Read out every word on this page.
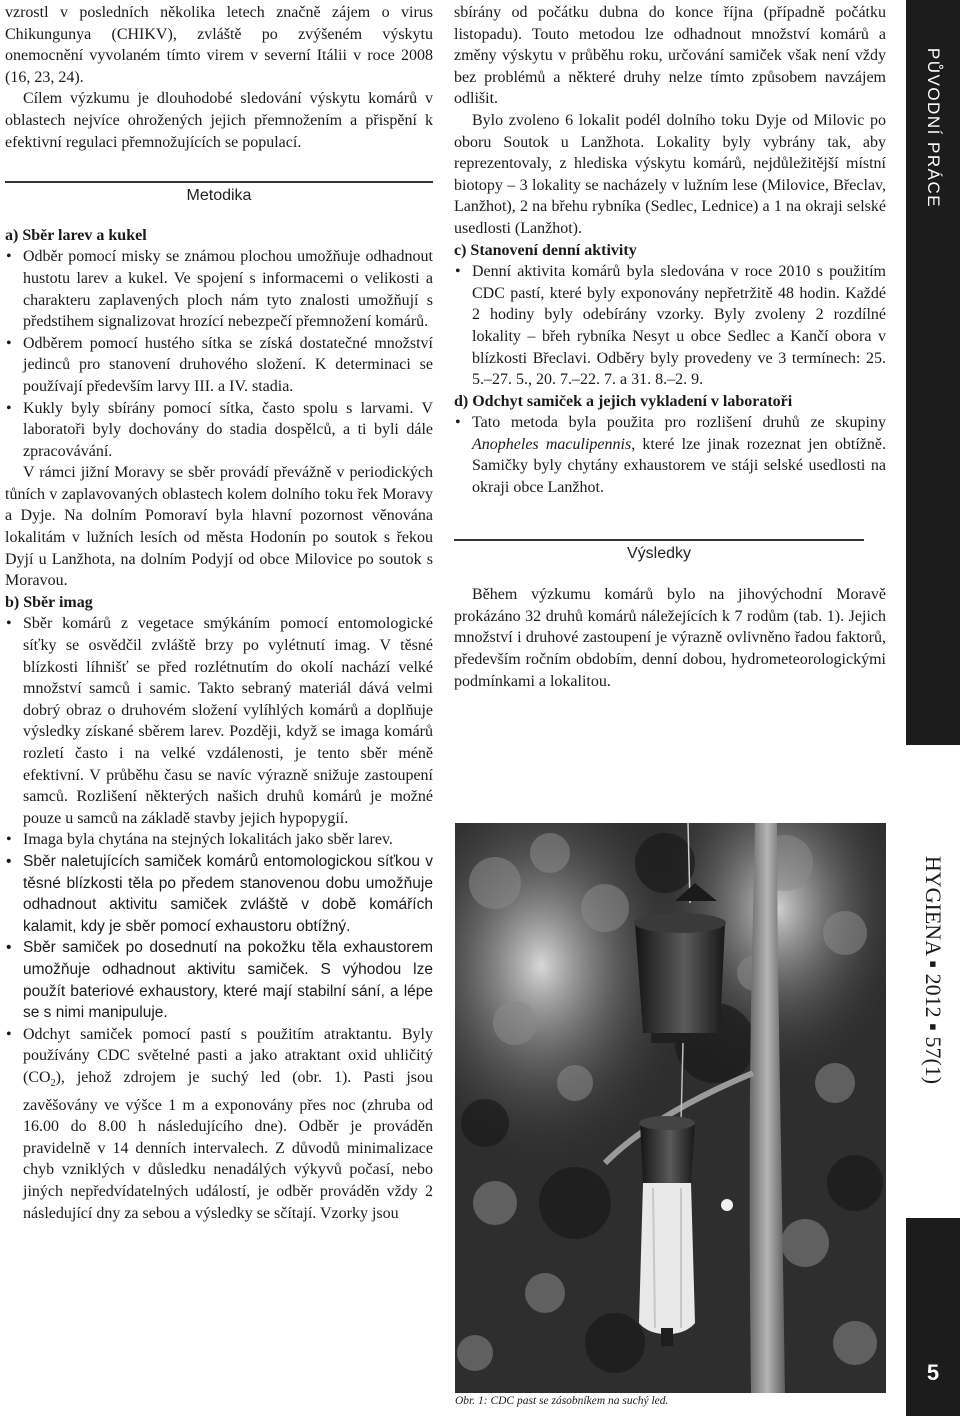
vzrostl v posledních několika letech značně zájem o virus Chikungunya (CHIKV), zvláště po zvýšeném výskytu onemocnění vyvolaném tímto virem v severní Itálii v roce 2008 (16, 23, 24).

Cílem výzkumu je dlouhodobé sledování výskytu komárů v oblastech nejvíce ohrožených jejich přemnožením a přispění k efektivní regulaci přemnožujících se populací.

Metodika

a) Sběr larev a kukel

• Odběr pomocí misky se známou plochou umožňuje odhadnout hustotu larev a kukel. Ve spojení s informacemi o velikosti a charakteru zaplavených ploch nám tyto znalosti umožňují s předstihem signalizovat hrozící nebezpečí přemnožení komárů.
• Odběrem pomocí hustého sítka se získá dostatečné množství jedinců pro stanovení druhového složení. K determinaci se používají především larvy III. a IV. stadia.
• Kukly byly sbírány pomocí sítka, často spolu s larvami. V laboratoři byly dochovány do stadia dospělců, a ti byli dále zpracovávání.

V rámci jižní Moravy se sběr provádí převážně v periodických tůních v zaplavovaných oblastech kolem dolního toku řek Moravy a Dyje. Na dolním Pomoraví byla hlavní pozornost věnována lokalitám v lužních lesích od města Hodonín po soutok s řekou Dyjí u Lanžhota, na dolním Podyjí od obce Milovice po soutok s Moravou.

b) Sběr imag

• Sběr komárů z vegetace smýkáním pomocí entomologické síťky se osvědčil zvláště brzy po vylétnutí imag. V těsné blízkosti líhnišť se před rozlétnutím do okolí nachází velké množství samců i samic. Takto sebraný materiál dává velmi dobrý obraz o druhovém složení vylíhlých komárů a doplňuje výsledky získané sběrem larev. Později, když se imaga komárů rozletí často i na velké vzdálenosti, je tento sběr méně efektivní. V průběhu času se navíc výrazně snižuje zastoupení samců. Rozlišení některých našich druhů komárů je možné pouze u samců na základě stavby jejich hypopygií.
• Imaga byla chytána na stejných lokalitách jako sběr larev.
• Sběr naletujících samiček komárů entomologickou síťkou v těsné blízkosti těla po předem stanovenou dobu umožňuje odhadnout aktivitu samiček zvláště v době komářích kalamit, kdy je sběr pomocí exhaustoru obtížný.
• Sběr samiček po dosednutí na pokožku těla exhaustorem umožňuje odhadnout aktivitu samiček. S výhodou lze použít bateriové exhaustory, které mají stabilní sání, a lépe se s nimi manipuluje.
• Odchyt samiček pomocí pastí s použitím atraktantu. Byly používány CDC světelné pasti a jako atraktant oxid uhličitý $(CO_2)$, jehož zdrojem je suchý led (obr. 1). Pasti jsou zavěšovány ve výšce 1 m a exponovány přes noc (zhruba od 16.00 do 8.00 h následujícího dne). Odběr je prováděn pravidelně v 14 denních intervalech. Z důvodů minimalizace chyb vzniklých v důsledku nenadálých výkyvů počasí, nebo jiných nepředvídatelných událostí, je odběr prováděn vždy 2 následující dny za sebou a výsledky se sčítají. Vzorky jsou

sbírány od počátku dubna do konce října (případně počátku listopadu). Touto metodou lze odhadnout množství komárů a změny výskytu v průběhu roku, určování samiček však není vždy bez problémů a některé druhy nelze tímto způsobem navzájem odlišit.

Bylo zvoleno 6 lokalit podél dolního toku Dyje od Milovic po oboru Soutok u Lanžhota. Lokality byly vybrány tak, aby reprezentovaly, z hlediska výskytu komárů, nejdůležitější místní biotopy – 3 lokality se nacházely v lužním lese (Milovice, Břeclav, Lanžhot), 2 na břehu rybníka (Sedlec, Lednice) a 1 na okraji selské usedlosti (Lanžhot).

c) Stanovení denní aktivity

• Denní aktivita komárů byla sledována v roce 2010 s použitím CDC pastí, které byly exponovány nepřetržitě 48 hodin. Každé 2 hodiny byly odebírány vzorky. Byly zvoleny 2 rozdílné lokality – břeh rybníka Nesyt u obce Sedlec a Kančí obora v blízkosti Břeclavi. Odběry byly provedeny ve 3 termínech: 25. 5.–27. 5., 20. 7.–22. 7. a 31. 8.–2. 9.

d) Odchyt samiček a jejich vykladení v laboratoři

• Tato metoda byla použita pro rozlišení druhů ze skupiny Anopheles maculipennis, které lze jinak rozeznat jen obtížně. Samičky byly chytány exhaustorem ve stáji selské usedlosti na okraji obce Lanžhot.
Výsledky

Během výzkumu komárů bylo na jihovýchodní Moravě prokázáno 32 druhů komárů náležejících k 7 rodům (tab. 1). Jejich množství i druhové zastoupení je výrazně ovlivněno řadou faktorů, především ročním obdobím, denní dobou, hydrometeorologickými podmínkami a lokalitou.

Obr. 1: CDC past se zásobníkem na suchý led.
PŮVODNÍ PRÁCE
HYGIENA ▪ 2012 ▪ 57(1)
5
